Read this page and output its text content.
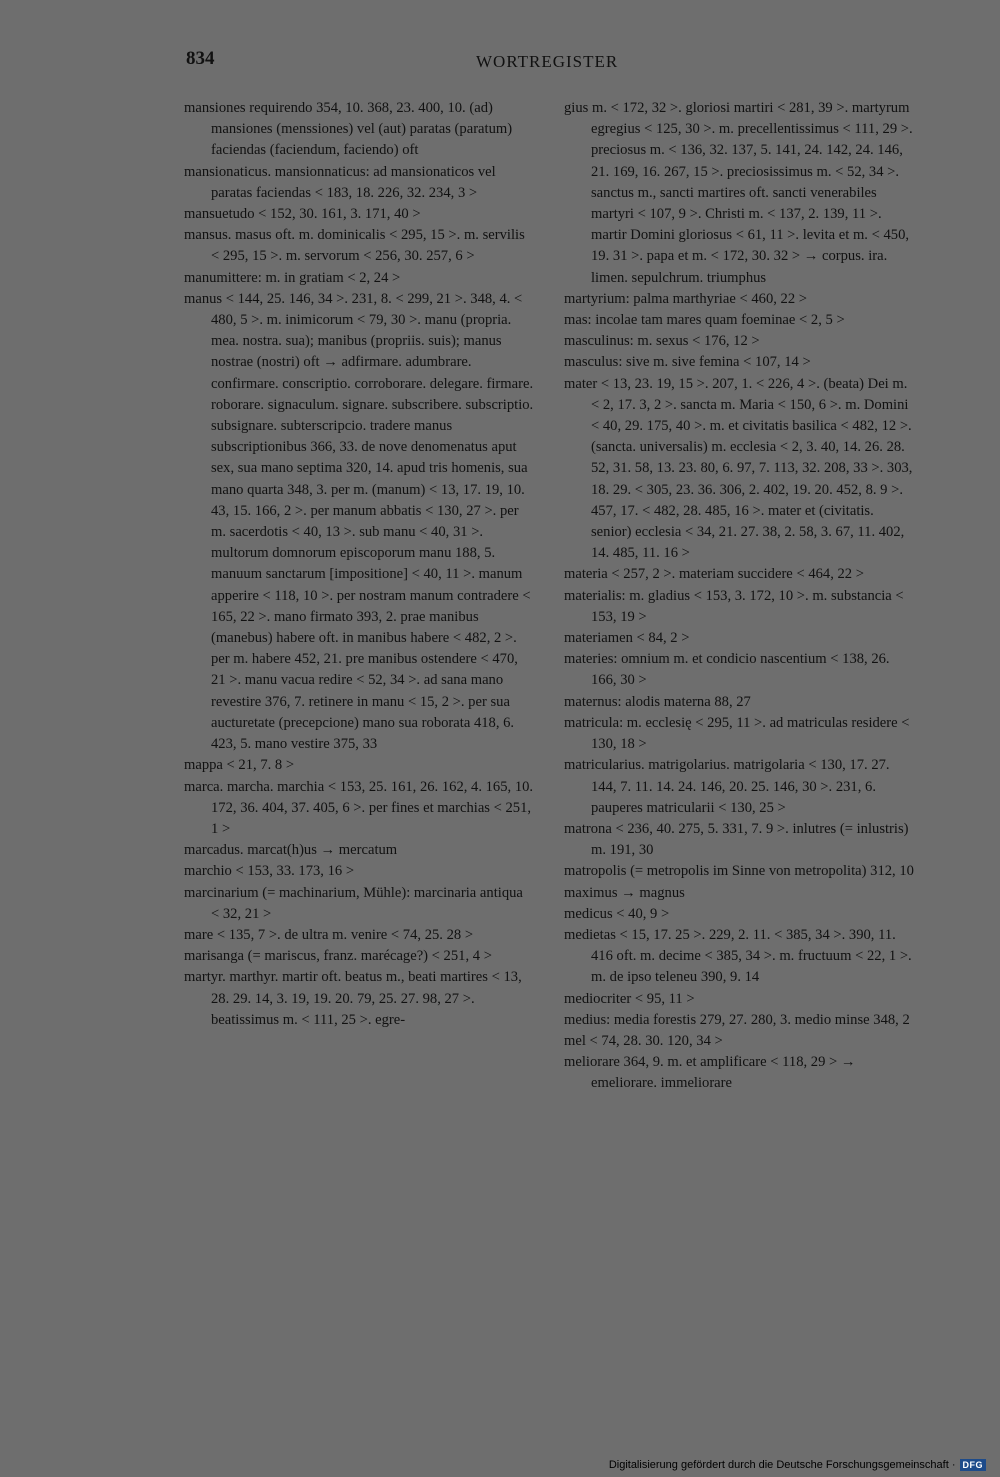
834	WORTREGISTER

mansiones requirendo 354, 10. 368, 23. 400, 10. (ad) mansiones (menssiones) vel (aut) paratas (paratum) faciendas (faciendum, faciendo) oft

mansionaticus. mansionnaticus: ad mansionaticos vel paratas faciendas < 183, 18. 226, 32. 234, 3 >

mansuetudo < 152, 30. 161, 3. 171, 40 >

mansus. masus oft. m. dominicalis < 295, 15 >. m. servilis < 295, 15 >. m. servorum < 256, 30. 257, 6 >

manumittere: m. in gratiam < 2, 24 >

manus < 144, 25. 146, 34 >. 231, 8. < 299, 21 >. 348, 4. < 480, 5 >. m. inimicorum < 79, 30 >. manu (propria. mea. nostra. sua); manibus (propriis. suis); manus nostrae (nostri) oft → adfirmare. adumbrare. confirmare. conscriptio. corroborare. delegare. firmare. roborare. signaculum. signare. subscribere. subscriptio. subsignare. subterscripcio. tradere manus subscriptionibus 366, 33. de nove denomenatus aput sex, sua mano septima 320, 14. apud tris homenis, sua mano quarta 348, 3. per m. (manum) < 13, 17. 19, 10. 43, 15. 166, 2 >. per manum abbatis < 130, 27 >. per m. sacerdotis < 40, 13 >. sub manu < 40, 31 >. multorum domnorum episcoporum manu 188, 5. manuum sanctarum [impositione] < 40, 11 >. manum apperire < 118, 10 >. per nostram manum contradere < 165, 22 >. mano firmato 393, 2. prae manibus (manebus) habere oft. in manibus habere < 482, 2 >. per m. habere 452, 21. pre manibus ostendere < 470, 21 >. manu vacua redire < 52, 34 >. ad sana mano revestire 376, 7. retinere in manu < 15, 2 >. per sua aucturetate (precepcione) mano sua roborata 418, 6. 423, 5. mano vestire 375, 33

mappa < 21, 7. 8 >

marca. marcha. marchia < 153, 25. 161, 26. 162, 4. 165, 10. 172, 36. 404, 37. 405, 6 >. per fines et marchias < 251, 1 >

marcadus. marcat(h)us → mercatum

marchio < 153, 33. 173, 16 >

marcinarium (= machinarium, Mühle): marcinaria antiqua < 32, 21 >

mare < 135, 7 >. de ultra m. venire < 74, 25. 28 >

marisanga (= mariscus, franz. marécage?) < 251, 4 >

martyr. marthyr. martir oft. beatus m., beati martires < 13, 28. 29. 14, 3. 19, 19. 20. 79, 25. 27. 98, 27 >. beatissimus m. < 111, 25 >. egre-

gius m. < 172, 32 >. gloriosi martiri < 281, 39 >. martyrum egregius < 125, 30 >. m. precellentissimus < 111, 29 >. preciosus m. < 136, 32. 137, 5. 141, 24. 142, 24. 146, 21. 169, 16. 267, 15 >. preciosissimus m. < 52, 34 >. sanctus m., sancti martires oft. sancti venerabiles martyri < 107, 9 >. Christi m. < 137, 2. 139, 11 >. martir Domini gloriosus < 61, 11 >. levita et m. < 450, 19. 31 >. papa et m. < 172, 30. 32 > → corpus. ira. limen. sepulchrum. triumphus

martyrium: palma marthyriae < 460, 22 >

mas: incolae tam mares quam foeminae < 2, 5 >

masculinus: m. sexus < 176, 12 >

masculus: sive m. sive femina < 107, 14 >

mater < 13, 23. 19, 15 >. 207, 1. < 226, 4 >. (beata) Dei m. < 2, 17. 3, 2 >. sancta m. Maria < 150, 6 >. m. Domini < 40, 29. 175, 40 >. m. et civitatis basilica < 482, 12 >. (sancta. universalis) m. ecclesia < 2, 3. 40, 14. 26. 28. 52, 31. 58, 13. 23. 80, 6. 97, 7. 113, 32. 208, 33 >. 303, 18. 29. < 305, 23. 36. 306, 2. 402, 19. 20. 452, 8. 9 >. 457, 17. < 482, 28. 485, 16 >. mater et (civitatis. senior) ecclesia < 34, 21. 27. 38, 2. 58, 3. 67, 11. 402, 14. 485, 11. 16 >

materia < 257, 2 >. materiam succidere < 464, 22 >

materialis: m. gladius < 153, 3. 172, 10 >. m. substancia < 153, 19 >

materiamen < 84, 2 >

materies: omnium m. et condicio nascentium < 138, 26. 166, 30 >

maternus: alodis materna 88, 27

matricula: m. ecclesię < 295, 11 >. ad matriculas residere < 130, 18 >

matricularius. matrigolarius. matrigolaria < 130, 17. 27. 144, 7. 11. 14. 24. 146, 20. 25. 146, 30 >. 231, 6. pauperes matricularii < 130, 25 >

matrona < 236, 40. 275, 5. 331, 7. 9 >. inlutres (= inlustris) m. 191, 30

matropolis (= metropolis im Sinne von metropolita) 312, 10

maximus → magnus

medicus < 40, 9 >

medietas < 15, 17. 25 >. 229, 2. 11. < 385, 34 >. 390, 11. 416 oft. m. decime < 385, 34 >. m. fructuum < 22, 1 >. m. de ipso teleneu 390, 9. 14

mediocriter < 95, 11 >

medius: media forestis 279, 27. 280, 3. medio minse 348, 2

mel < 74, 28. 30. 120, 34 >

meliorare 364, 9. m. et amplificare < 118, 29 > → emeliorare. immeliorare

Digitalisierung gefördert durch die Deutsche Forschungsgemeinschaft · DFG
